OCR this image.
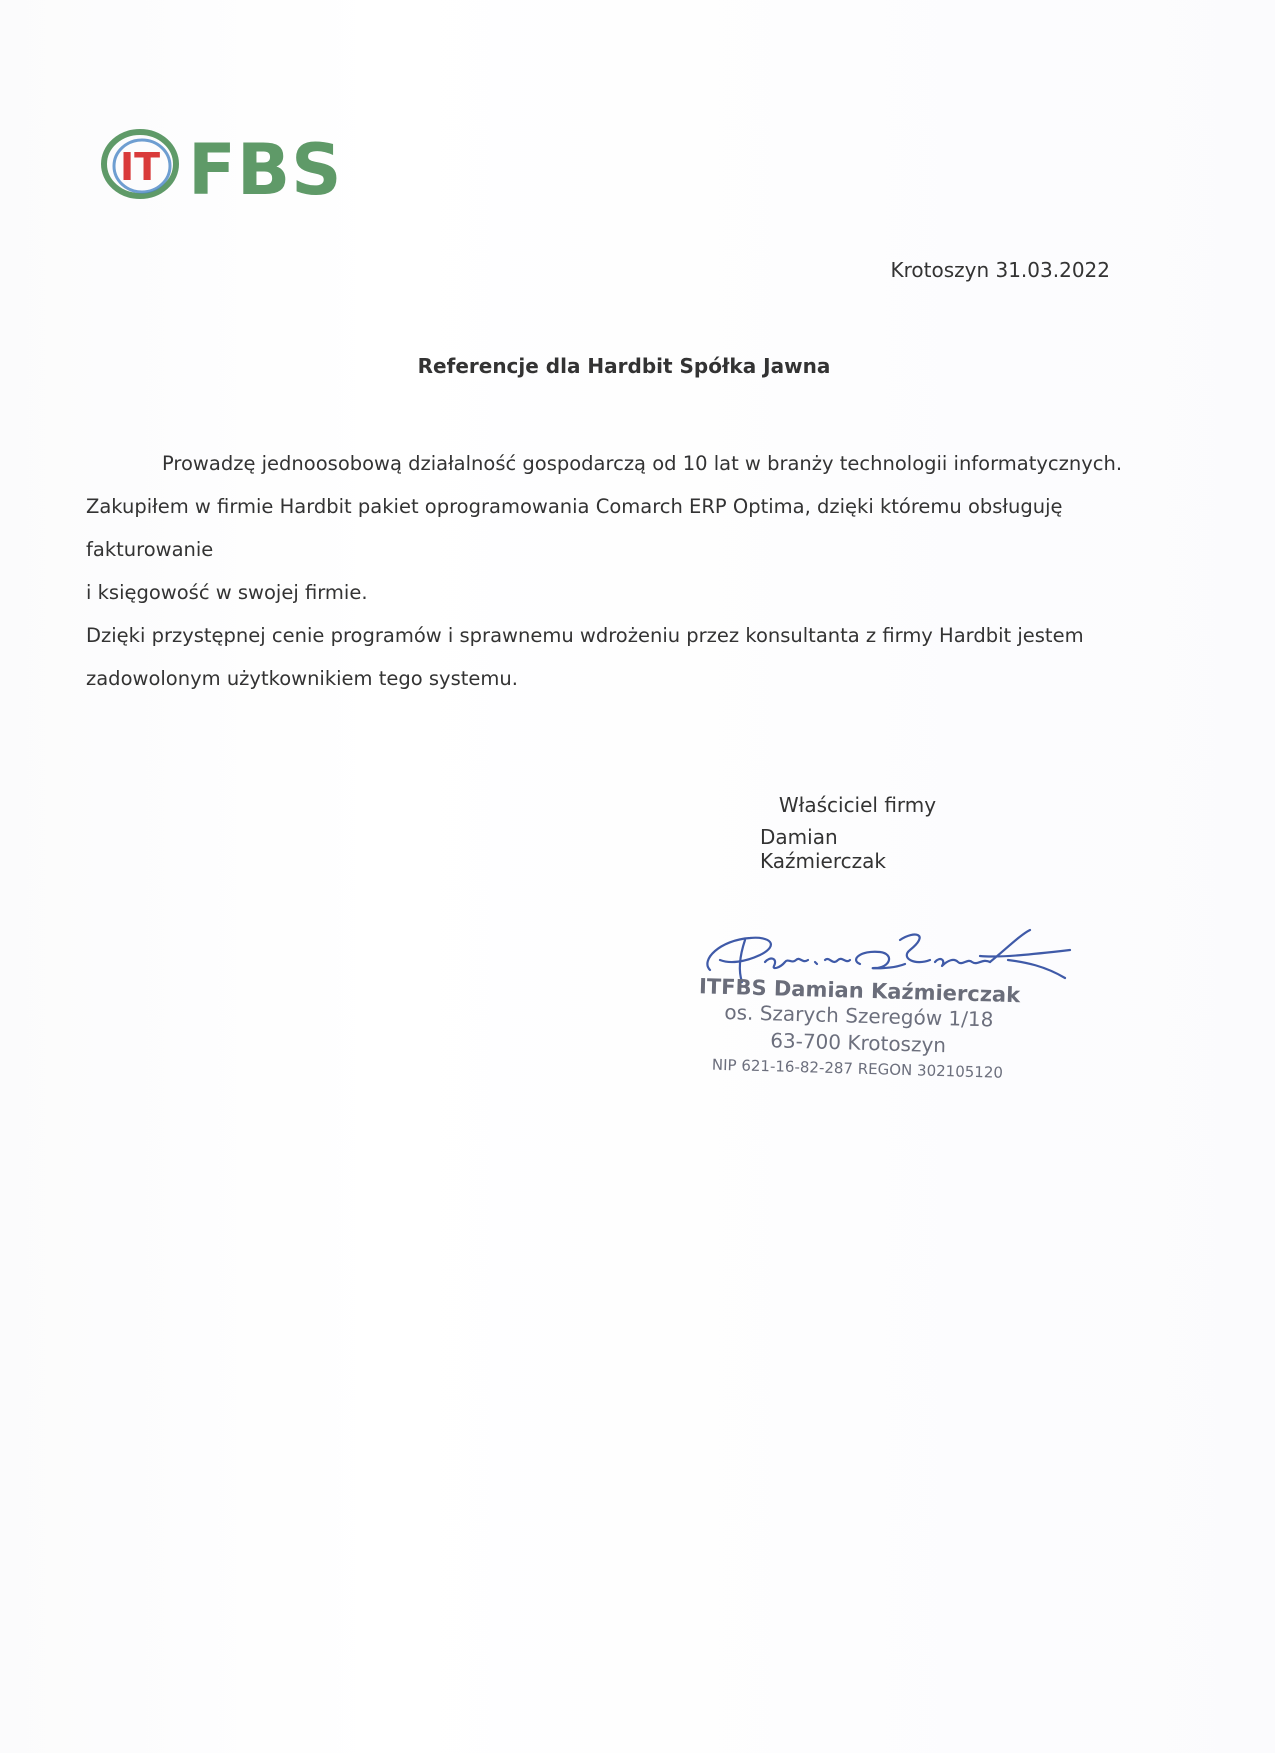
IT FBS
Krotoszyn 31.03.2022
Referencje dla Hardbit Spółka Jawna

Prowadzę jednoosobową działalność gospodarczą od 10 lat w branży technologii informatycznych.

Zakupiłem w firmie Hardbit pakiet oprogramowania Comarch ERP Optima, dzięki któremu obsługuję fakturowanie

i księgowość w swojej firmie.

Dzięki przystępnej cenie programów i sprawnemu wdrożeniu przez konsultanta z firmy Hardbit jestem

zadowolonym użytkownikiem tego systemu.

Właściciel firmy
Damian Kaźmierczak
ITFBS Damian Kaźmierczak
os. Szarych Szeregów 1/18
63-700 Krotoszyn
NIP 621-16-82-287 REGON 302105120
